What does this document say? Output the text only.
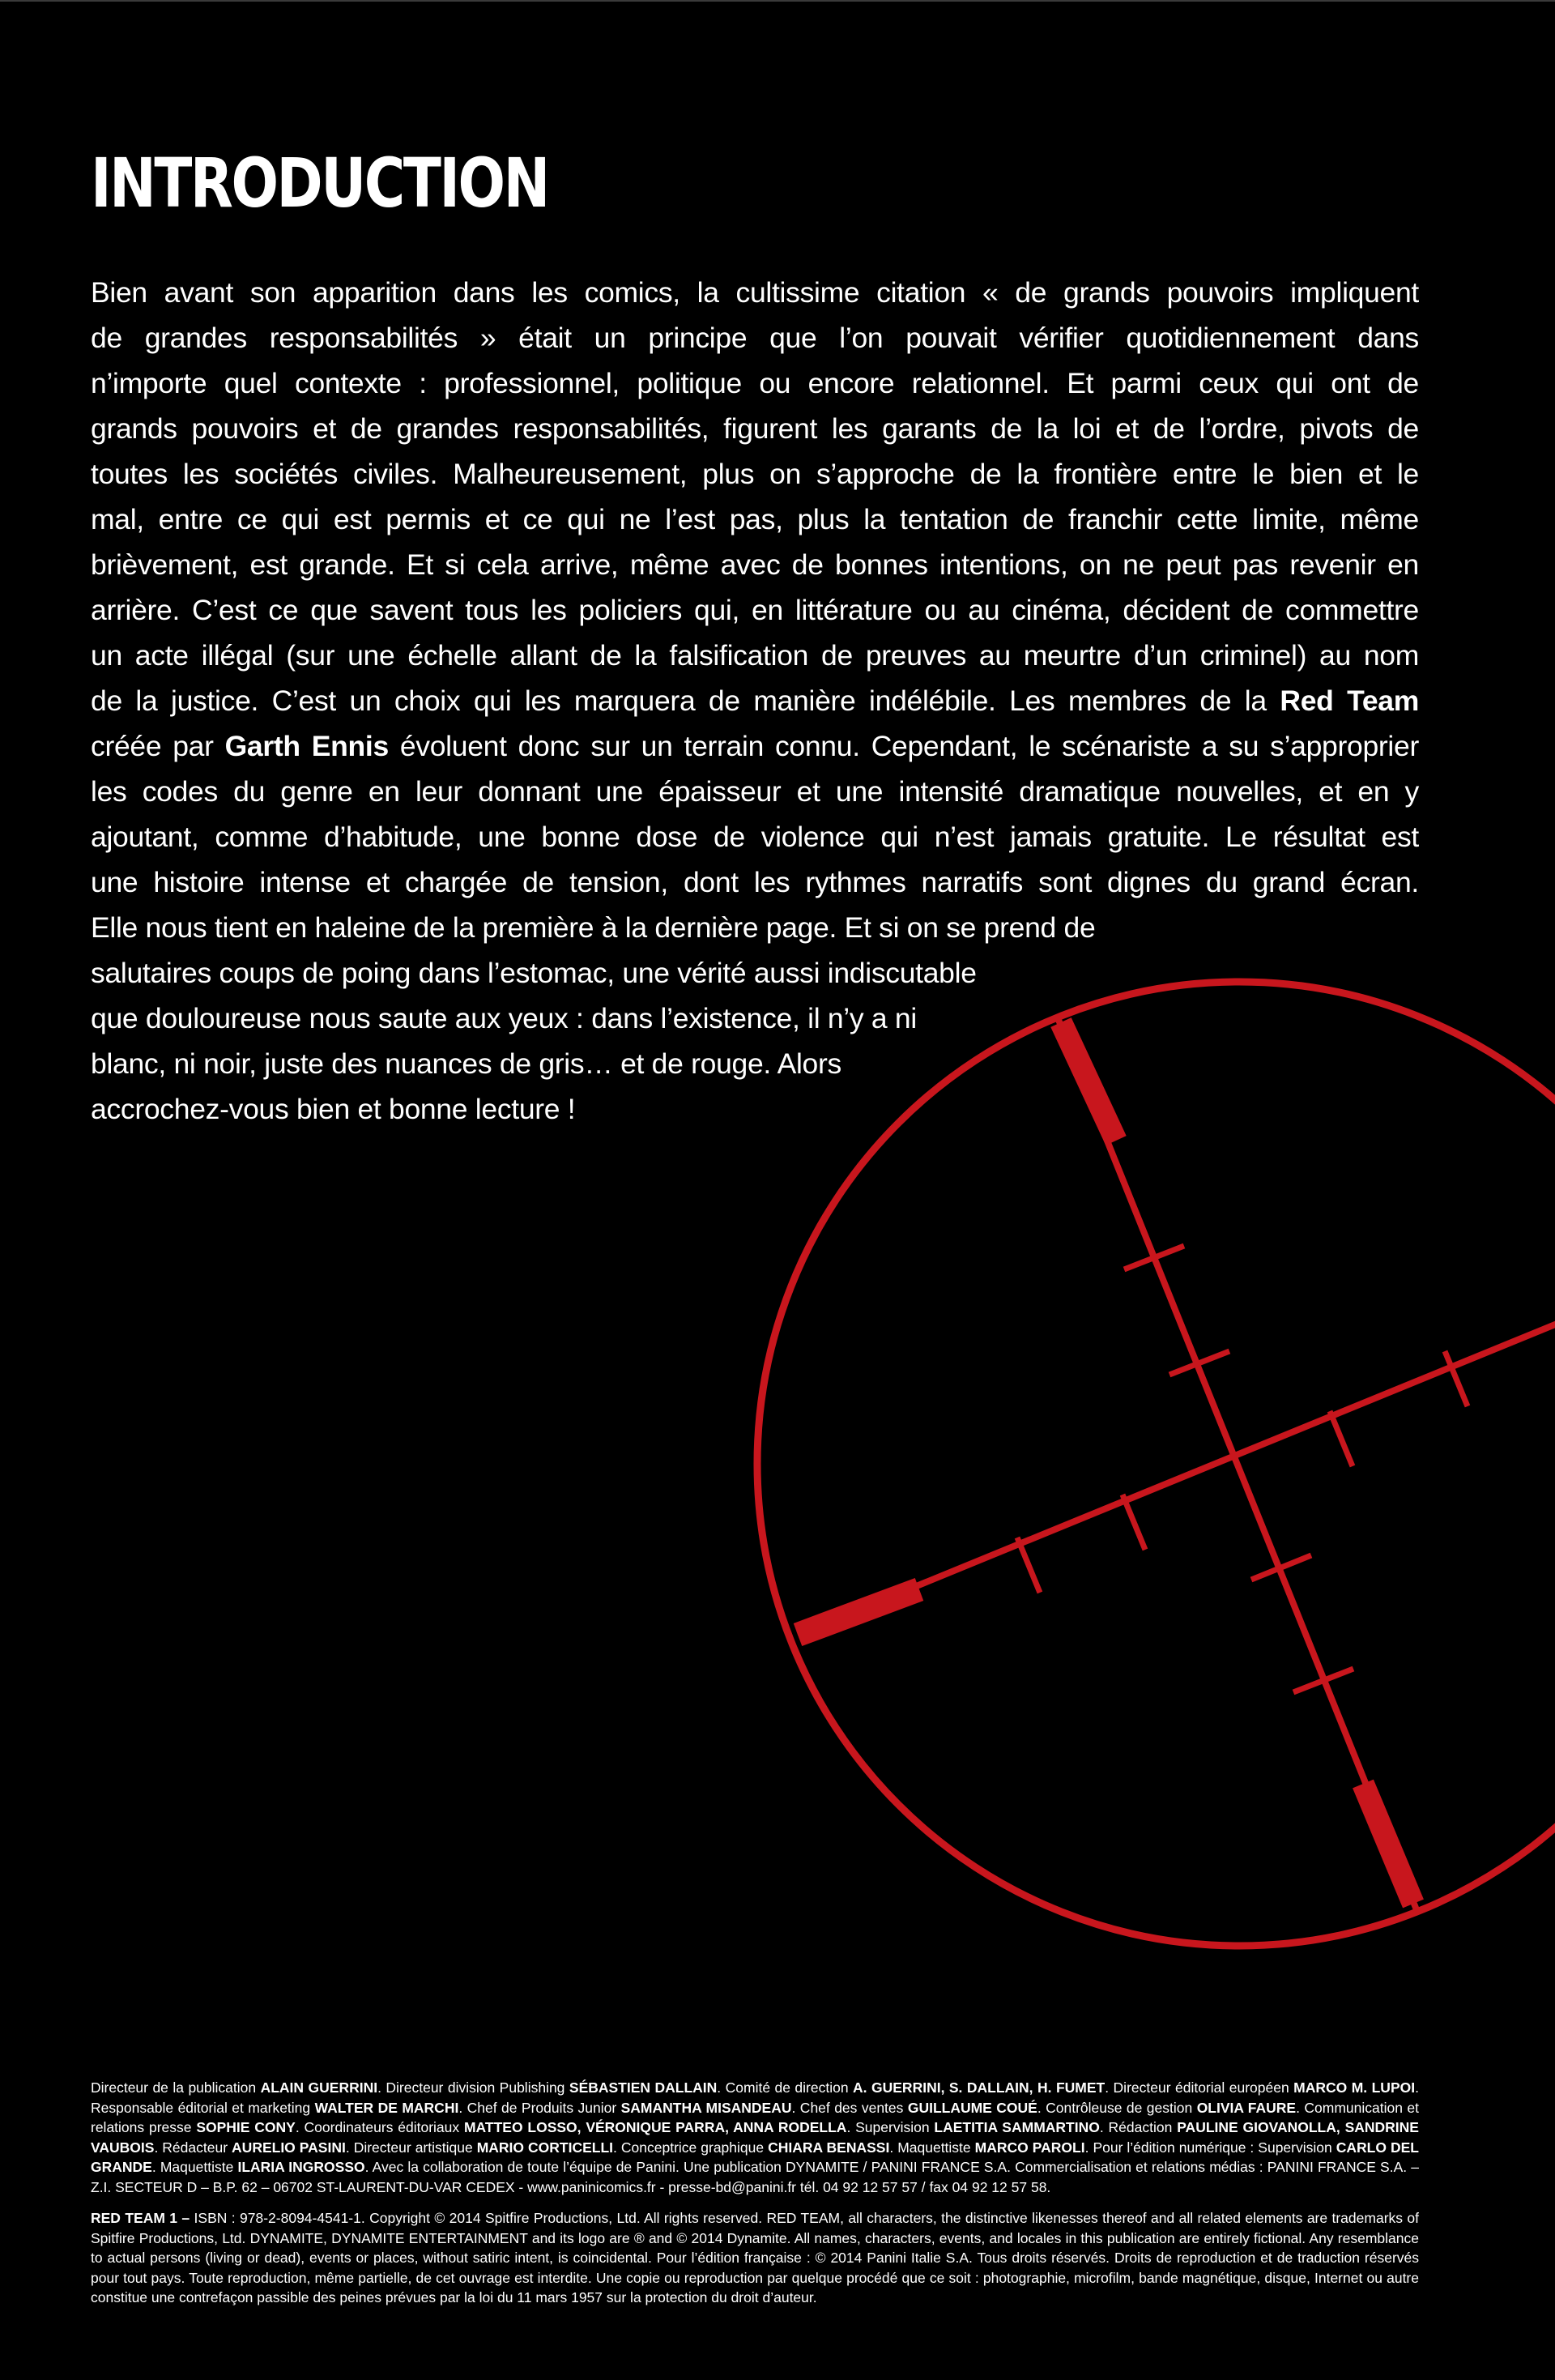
INTRODUCTION
Bien avant son apparition dans les comics, la cultissime citation « de grands pouvoirs impliquent
de grandes responsabilités » était un principe que l’on pouvait vérifier quotidiennement dans
n’importe quel contexte : professionnel, politique ou encore relationnel. Et parmi ceux qui ont de
grands pouvoirs et de grandes responsabilités, figurent les garants de la loi et de l’ordre, pivots de
toutes les sociétés civiles. Malheureusement, plus on s’approche de la frontière entre le bien et le
mal, entre ce qui est permis et ce qui ne l’est pas, plus la tentation de franchir cette limite, même
brièvement, est grande. Et si cela arrive, même avec de bonnes intentions, on ne peut pas revenir en
arrière. C’est ce que savent tous les policiers qui, en littérature ou au cinéma, décident de commettre
un acte illégal (sur une échelle allant de la falsification de preuves au meurtre d’un criminel) au nom
de la justice. C’est un choix qui les marquera de manière indélébile. Les membres de la Red Team
créée par Garth Ennis évoluent donc sur un terrain connu. Cependant, le scénariste a su s’approprier
les codes du genre en leur donnant une épaisseur et une intensité dramatique nouvelles, et en y
ajoutant, comme d’habitude, une bonne dose de violence qui n’est jamais gratuite. Le résultat est
une histoire intense et chargée de tension, dont les rythmes narratifs sont dignes du grand écran.
Elle nous tient en haleine de la première à la dernière page. Et si on se prend de
salutaires coups de poing dans l’estomac, une vérité aussi indiscutable
que douloureuse nous saute aux yeux : dans l’existence, il n’y a ni
blanc, ni noir, juste des nuances de gris… et de rouge. Alors
accrochez-vous bien et bonne lecture !

Directeur de la publication ALAIN GUERRINI. Directeur division Publishing SÉBASTIEN DALLAIN. Comité de direction A. GUERRINI, S. DALLAIN, H. FUMET. Directeur éditorial européen MARCO M. LUPOI. Responsable éditorial et marketing WALTER DE MARCHI. Chef de Produits Junior SAMANTHA MISANDEAU. Chef des ventes GUILLAUME COUÉ. Contrôleuse de gestion OLIVIA FAURE. Communication et relations presse SOPHIE CONY. Coordinateurs éditoriaux MATTEO LOSSO, VÉRONIQUE PARRA, ANNA RODELLA. Supervision LAETITIA SAMMARTINO. Rédaction PAULINE GIOVANOLLA, SANDRINE VAUBOIS. Rédacteur AURELIO PASINI. Directeur artistique MARIO CORTICELLI. Conceptrice graphique CHIARA BENASSI. Maquettiste MARCO PAROLI. Pour l’édition numérique : Supervision CARLO DEL GRANDE. Maquettiste ILARIA INGROSSO. Avec la collaboration de toute l’équipe de Panini. Une publication DYNAMITE / PANINI FRANCE S.A. Commercialisation et relations médias : PANINI FRANCE S.A. – Z.I. SECTEUR D – B.P. 62 – 06702 ST-LAURENT-DU-VAR CEDEX - www.paninicomics.fr - presse-bd@panini.fr tél. 04 92 12 57 57 / fax 04 92 12 57 58.

RED TEAM 1 – ISBN : 978-2-8094-4541-1. Copyright © 2014 Spitfire Productions, Ltd. All rights reserved. RED TEAM, all characters, the distinctive likenesses thereof and all related elements are trademarks of Spitfire Productions, Ltd. DYNAMITE, DYNAMITE ENTERTAINMENT and its logo are ® and © 2014 Dynamite. All names, characters, events, and locales in this publication are entirely fictional. Any resemblance to actual persons (living or dead), events or places, without satiric intent, is coincidental. Pour l’édition française : © 2014 Panini Italie S.A. Tous droits réservés. Droits de reproduction et de traduction réservés pour tout pays. Toute reproduction, même partielle, de cet ouvrage est interdite. Une copie ou reproduction par quelque procédé que ce soit : photographie, microfilm, bande magnétique, disque, Internet ou autre constitue une contrefaçon passible des peines prévues par la loi du 11 mars 1957 sur la protection du droit d’auteur.
